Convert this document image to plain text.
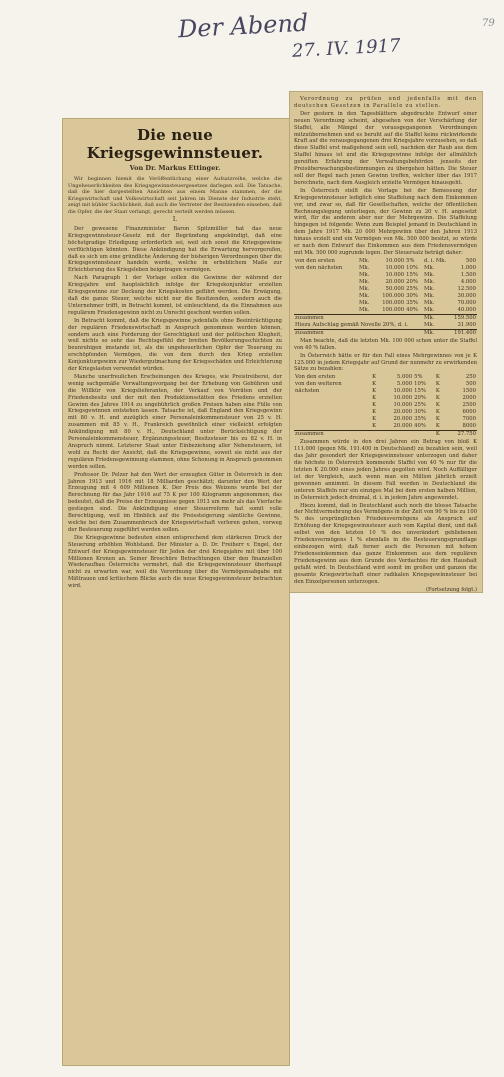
Der Abend
27. IV. 1917
79
Die neue Kriegsgewinnsteuer.
Von Dr. Markus Ettinger.

Wir beginnen hiemit die Veröffentlichung einer Aufsatzreihe, welche die Ungeheuerlichkeiten des Kriegsgewinnsteuergesetzes darlegen soll. Die Tatsache, daß die hier dargestellten Ansichten aus einem Manne stammen, der die Kriegswirtschaft und Volkswirtschaft seit Jahren im Dienste der Industrie steht, zeigt mit kühler Sachlichkeit, daß auch die Vertreter der Besitzenden einsehen, daß die Opfer, die der Staat verlangt, gerecht verteilt werden müssen.

I.

Der gewesene Finanzminister Baron Spitzmüller hat das neue Kriegsgewinnsteuer-Gesetz mit der Begründung angekündigt, daß eine höchstgradige Erledigung erforderlich sei, weil sich sonst die Kriegsgewinne verflüchtigen könnten. Diese Ankündigung hat die Erwartung hervorgerufen, daß es sich um eine gründliche Änderung der bisherigen Verordnungen über die Kriegsgewinnsteuer handeln werde, welche in erheblichem Maße zur Erleichterung des Kriegsleben beigetragen vermögen.

Nach Paragraph 1 der Vorlage sollen die Gewinne der während der Kriegsjahre und hauptsächlich infolge der Kriegskonjunktur erzielten Kriegsgewinne zur Deckung der Kriegskosten geführt werden. Die Erwägung, daß die ganze Steuer, welche nicht nur die Besitzenden, sondern auch die Unternehmer trifft, in Betracht kommt, ist einleuchtend, da die Einnahmen aus regulärem Friedensgewinn nicht zu Unrecht geschont werden sollen.

In Betracht kommt, daß die Kriegsgewinne jedenfalls ohne Beeinträchtigung der regulären Friedenswirtschaft in Anspruch genommen werden können, sondern auch eine Forderung der Gerechtigkeit und der politischen Klugheit, weil nichts so sehr das Rechtsgefühl der breiten Bevölkerungsschichten zu beunruhigen imstande ist, als die ungeheuerlichen Opfer der Teuerung zu erschöpfenden Vermögen, die von dem durch den Krieg erzielten Konjunkturgewinn zur Wiedergutmachung der Kriegsschäden und Erleichterung der Kriegslasten verwendet würden.

Manche unerfreulichen Erscheinungen des Krieges, wie Preistreiberei, der wenig sachgemäße Verwaltungsvorgang bei der Erhebung von Gebühren und die Willkür von Kriegslieferanten, der Verkauf von Vorräten und der Friedensbesitz und der mit den Produktionsstätten des Friedens erzielten Gewinn des Jahres 1914 zu ungebührlich großen Preisen haben eine Fülle von Kriegsgewinnen entstehen lassen. Tatsache ist, daß England den Kriegsgewinn mit 80 v. H. und zuzüglich einer Personaleinkommensteuer von 25 v. H. zusammen mit 85 v. H., Frankreich gewöhnlich einer vielleicht erfolgten Ankündigung mit 80 v. H., Deutschland unter Berücksichtigung der Personaleinkommensteuer, Ergänzungssteuer, Besitzsteuer bis zu 82 v. H. in Anspruch nimmt. Letzterer Staat unter Einbeziehung aller Nebensteuern, ist wohl zu Recht der Ansicht, daß die Kriegsgewinne, soweit sie nicht aus der regulären Friedensgewinnung stammen, ohne Schonung in Anspruch genommen werden sollen.

Professor Dr. Pelzer hat den Wert der erzeugten Güter in Österreich in den Jahren 1913 und 1916 mit 18 Milliarden geschätzt; darunter den Wert der Erzeugung mit 4 609 Millionen K. Der Preis des Weizens wurde bei der Berechnung für das Jahr 1916 auf 75 K per 100 Kilogramm angenommen, das bedeutet, daß die Preise der Erzeugnisse gegen 1913 um mehr als das Vierfache gestiegen sind. Die Ankündigung einer Steuerreform hat somit volle Berechtigung, weil im Hinblick auf die Preissteigerung sämtliche Gewinne, welche bei dem Zusammenbruch der Kriegswirtschaft verloren gehen, vorweg der Besteuerung zugeführt werden sollen.

Die Kriegsgewinne bedeuten einen entsprechend dem stärkeren Druck der Steuerung erhöhten Wohlstand. Der Minister a. D. Dr. Freiherr v. Engel, der Entwurf der Kriegsgewinnsteuer für Jeden der drei Kriegsjahre mit über 100 Millionen Kronen an. Seiner Broschüre Betrachtungen über den finanziellen Wiederaufbau Österreichs vermehrt, daß die Kriegsgewinnsteuer überhaupt nicht zu erwarten war, weil die Verordnung über die Vermögensabgabe mit Mißtrauen und kritischem Blicke auch die neue Kriegsgewinnsteuer betrachten wird.

Verordnung zu prüfen und jedenfalls mit den deutschen Gesetzen in Parallele zu stellen.

Der gestern in den Tagesblättern abgedruckte Entwurf einer neuen Verordnung scheint, abgesehen von der Verschärfung der Staffel, alle Mängel der vorausgegangenen Verordnungen mitzuübernehmen und es beruht auf die Staffel keine rückwirkende Kraft auf die vorausgegangenen drei Kriegsjahre vorzusehen, so daß diese Staffel erst maßgebend sein soll, nachdem der Raub aus dem Staffel hinaus ist und die Kriegsgewinne infolge der allmählich gereiften Erfahrung der Verwaltungsbehörden jenseits der Preisüberwachungsbestimmungen zu übergehen hätten. Die Steuer soll der Regel nach jenen Gewinn treffen, welcher über das 1917 berechnete, nach dem Ausgleich erzielte Vermögen hinausgeht.

In Österreich stellt die Vorlage bei der Bemessung der Kriegsgewinnsteuer lediglich eine Staffelung nach dem Einkommen vor, und zwar so, daß für Gesellschaften, welche der öffentlichen Rechnungslegung unterliegen, der Gewinn zu 20 v. H. angesetzt wird, für die anderen aber nur der Mehrgewinn. Die Staffelung hingegen ist folgende: Wenn zum Beispiel jemand in Deutschland in dem Jahre 1917 Mk. 20 000 Mehrgewinn über den Jahren 1913 hinaus erzielt und ein Vermögen von Mk. 500 000 besitzt, so würde er nach dem Entwurf das Einkommen aus dem Friedensvermögen mit Mk. 500 000 zugrunde legen. Der Steuersatz beträgt daher:

von den ersten	Mk.	10.000	5%	d. i. Mk.	500
von den nächsten	Mk.	10.000	10%	Mk.	1.000
	Mk.	10.000	15%	Mk.	1.500
	Mk.	20.000	20%	Mk.	4.000
	Mk.	50.000	25%	Mk.	12.500
	Mk.	100.000	30%	Mk.	30.000
	Mk.	100.000	35%	Mk.	70.000
	Mk.	100.000	40%	Mk.	40.000
zusammen				Mk.	159.500
Hiezu Aufschlag gemäß Novelle 20%, d. i.				Mk.	31.900
zusammen				Mk.	191.400

Man beachte, daß die letzten Mk. 100 000 schon unter die Staffel von 40 % fallen.

In Österreich hätte er für den Fall eines Mehrgewinnes von je K 125.000 in jedem Kriegsjahr auf Grund der nunmehr zu erwirkenden Sätze zu bezahlen:

Von den ersten	K	5.000	5%	K	250
von den weiteren	K	5.000	10%	K	500
nächsten	K	10.000	15%	K	1500
	K	10.000	20%	K	2000
	K	10.000	25%	K	2500
	K	20.000	30%	K	6000
	K	20.000	35%	K	7000
	K	20.000	40%	K	8000
zusammen				K	27.750

Zusammen würde in den drei Jahren ein Betrag von bloß K 111.000 (gegen Mk. 191.400 in Deutschland) zu bezahlen sein, weil das Jahr gesondert der Kriegsgewinnsteuer unterzogen und daher die höchste in Österreich kommende Staffel von 40 % nur für die letzten K 20.000 eines jeden Jahres gegolten wird. Noch Auffälliger ist der Vergleich, auch wenn man ein Million jährlich erzielt gewonnen annimmt. In diesem Fall werden in Deutschland die unteren Staffeln nur ein einziges Mal bei dem ersten halben Million, in Österreich jedoch dreimal, d. i. in jedem Jahre angewendet.

Hiezu kommt, daß in Deutschland auch noch die blosse Tatsache der Nichtvermehrung des Vermögens in der Zeit von 90 % bis zu 100 % des ursprünglichen Friedensvermögens als Anspruch auf Erhöhung der Kriegsgewinnsteuer auch vom Kapital dient, und daß selbst von den letzten 10 % des unverändert gebliebenen Friedensvermögens 1 % ebenfalls in die Besteuerungsgrundlage einbezogen wird; daß ferner auch die Personen mit hohem Friedenseinkommen das ganze Einkommen aus dem regulären Friedensgewinn aus dem Grunde des Verdachtes für den Haushalt gefaßt wird. In Deutschland wird somit im großen und ganzen die gesamte Kriegswirtschaft einer radikalen Kriegsgewinnsteuer bei den Einzelpersonen unterzogen.

(Fortsetzung folgt.)
